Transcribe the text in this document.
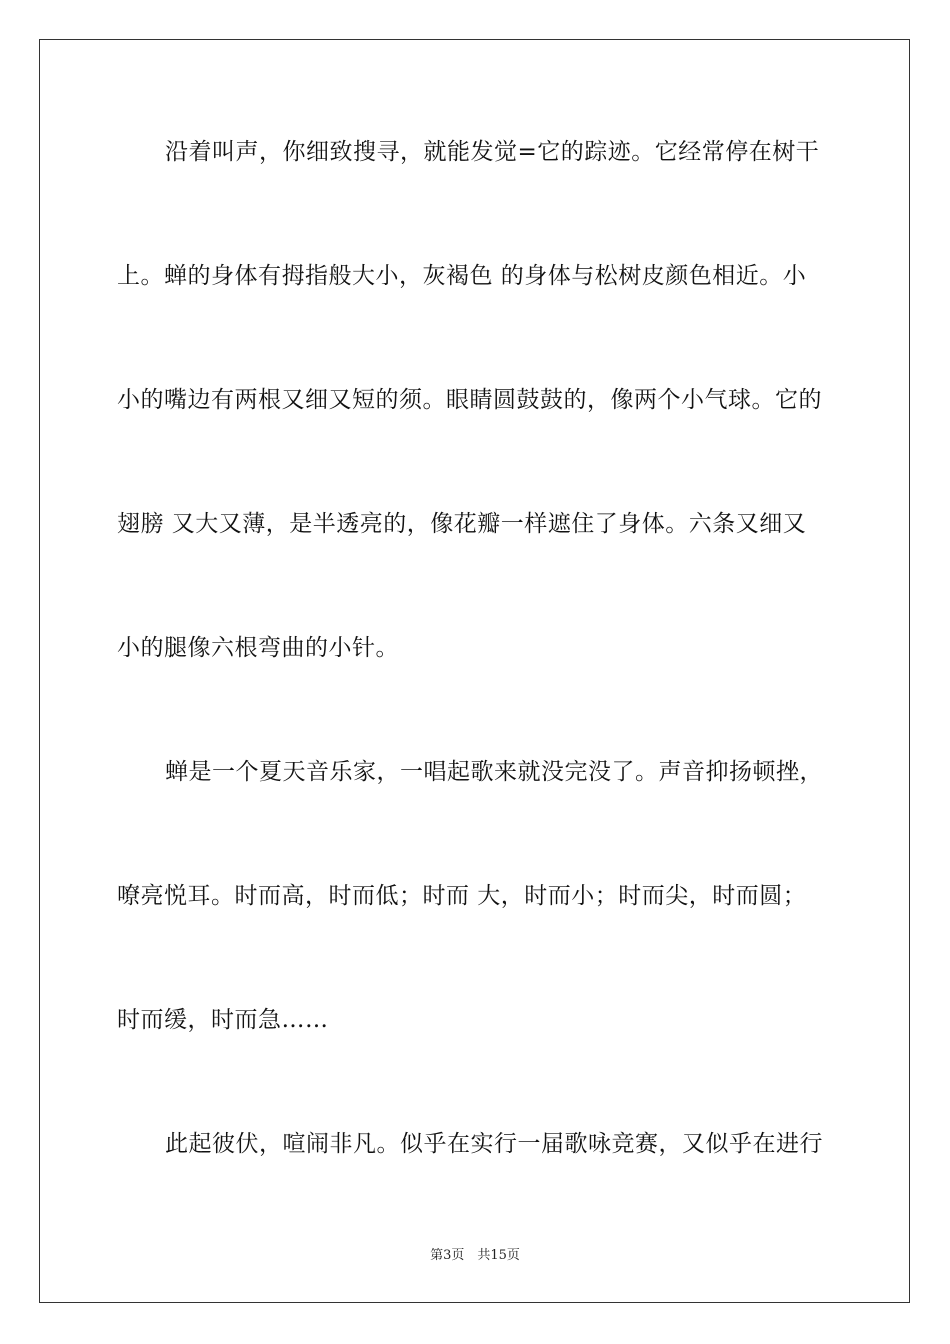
沿着叫声，你细致搜寻，就能发觉=它的踪迹。它经常停在树干
上。蝉的身体有拇指般大小，灰褐色 的身体与松树皮颜色相近。小
小的嘴边有两根又细又短的须。眼睛圆鼓鼓的，像两个小气球。它的
翅膀 又大又薄，是半透亮的，像花瓣一样遮住了身体。六条又细又
小的腿像六根弯曲的小针。
蝉是一个夏天音乐家，一唱起歌来就没完没了。声音抑扬顿挫，
嘹亮悦耳。时而高，时而低；时而 大，时而小；时而尖，时而圆；
时而缓，时而急……
此起彼伏，喧闹非凡。似乎在实行一届歌咏竞赛，又似乎在进行
第3页　共15页
